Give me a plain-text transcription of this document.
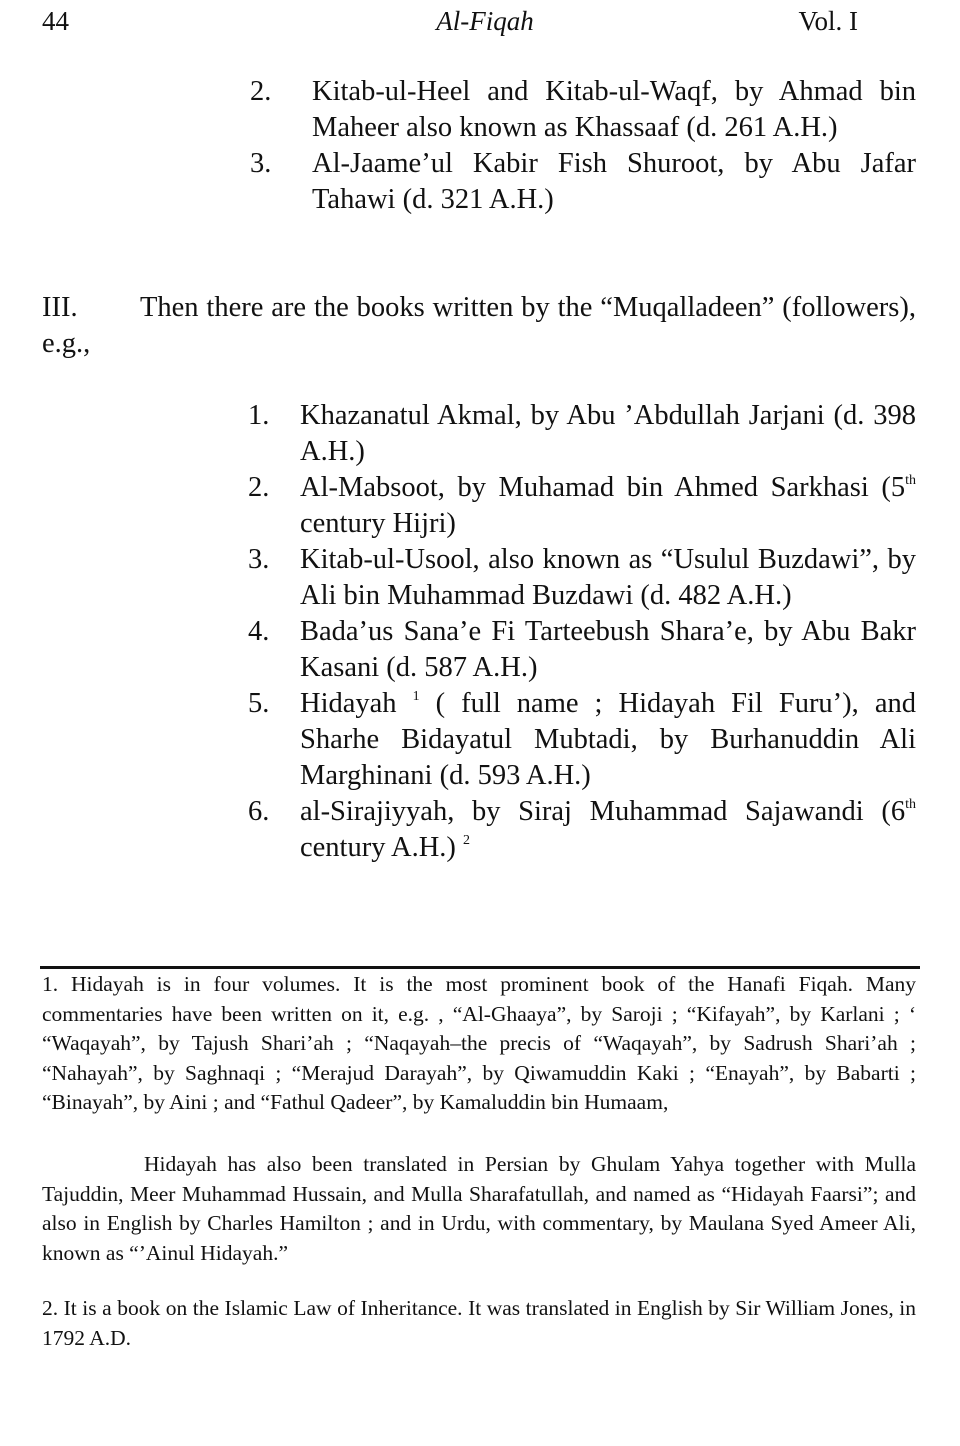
44	Al-Fiqah	Vol. I
2. Kitab-ul-Heel and Kitab-ul-Waqf, by Ahmad bin Maheer also known as Khassaaf (d. 261 A.H.)
3. Al-Jaame’ul Kabir Fish Shuroot, by Abu Jafar Tahawi (d. 321 A.H.)

III. Then there are the books written by the “Muqalladeen” (followers), e.g.,

1. Khazanatul Akmal, by Abu ’Abdullah Jarjani (d. 398 A.H.)
2. Al-Mabsoot, by Muhamad bin Ahmed Sarkhasi (5th century Hijri)
3. Kitab-ul-Usool, also known as “Usulul Buzdawi”, by Ali bin Muhammad Buzdawi (d. 482 A.H.)
4. Bada’us Sana’e Fi Tarteebush Shara’e, by Abu Bakr Kasani (d. 587 A.H.)
5. Hidayah $^1$ ( full name ; Hidayah Fil Furu’), and Sharhe Bidayatul Mubtadi, by Burhanuddin Ali Marghinani (d. 593 A.H.)
6. al-Sirajiyyah, by Siraj Muhammad Sajawandi (6th century A.H.) $^2$

1. Hidayah is in four volumes. It is the most prominent book of the Hanafi Fiqah. Many commentaries have been written on it, e.g. , “Al-Ghaaya”, by Saroji ; “Kifayah”, by Karlani ; ‘ “Waqayah”, by Tajush Shari’ah ; “Naqayah–the precis of “Waqayah”, by Sadrush Shari’ah ; “Nahayah”, by Saghnaqi ; “Merajud Darayah”, by Qiwamuddin Kaki ; “Enayah”, by Babarti ; “Binayah”, by Aini ; and “Fathul Qadeer”, by Kamaluddin bin Humaam,

Hidayah has also been translated in Persian by Ghulam Yahya together with Mulla Tajuddin, Meer Muhammad Hussain, and Mulla Sharafatullah, and named as “Hidayah Faarsi”; and also in English by Charles Hamilton ; and in Urdu, with commentary, by Maulana Syed Ameer Ali, known as “’Ainul Hidayah.”

2. It is a book on the Islamic Law of Inheritance. It was translated in English by Sir William Jones, in 1792 A.D.
